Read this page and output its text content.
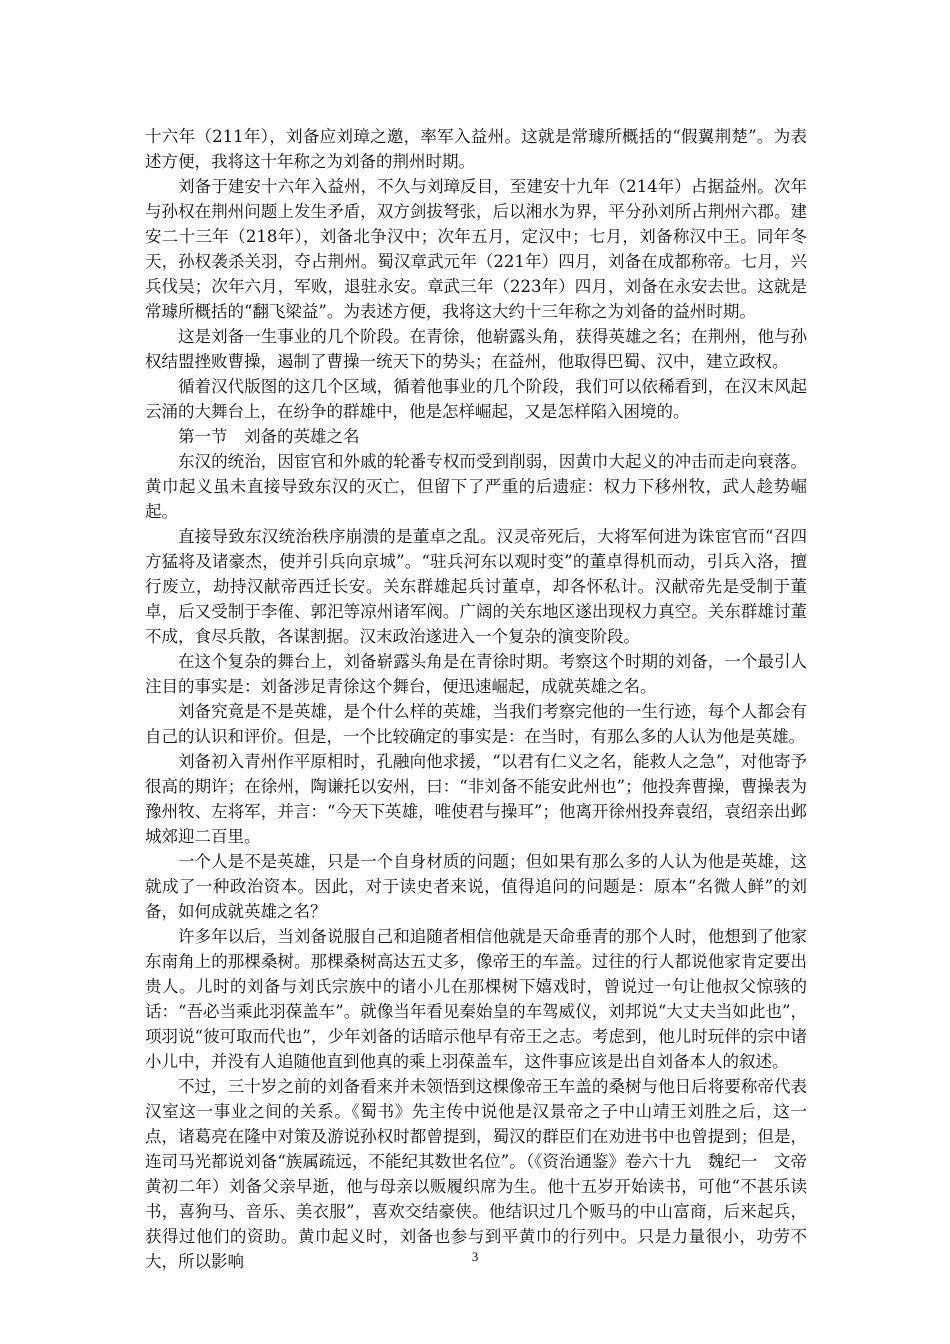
十六年（211年），刘备应刘璋之邀，率军入益州。这就是常璩所概括的“假翼荆楚”。为表述方便，我将这十年称之为刘备的荆州时期。

刘备于建安十六年入益州，不久与刘璋反目，至建安十九年（214年）占据益州。次年与孙权在荆州问题上发生矛盾，双方剑拔弩张，后以湘水为界，平分孙刘所占荆州六郡。建安二十三年（218年），刘备北争汉中；次年五月，定汉中；七月，刘备称汉中王。同年冬天，孙权袭杀关羽，夺占荆州。蜀汉章武元年（221年）四月，刘备在成都称帝。七月，兴兵伐吴；次年六月，军败，退驻永安。章武三年（223年）四月，刘备在永安去世。这就是常璩所概括的“翻飞梁益”。为表述方便，我将这大约十三年称之为刘备的益州时期。

这是刘备一生事业的几个阶段。在青徐，他崭露头角，获得英雄之名；在荆州，他与孙权结盟挫败曹操，遏制了曹操一统天下的势头；在益州，他取得巴蜀、汉中，建立政权。

循着汉代版图的这几个区域，循着他事业的几个阶段，我们可以依稀看到，在汉末风起云涌的大舞台上，在纷争的群雄中，他是怎样崛起，又是怎样陷入困境的。

第一节　刘备的英雄之名

东汉的统治，因宦官和外戚的轮番专权而受到削弱，因黄巾大起义的冲击而走向衰落。黄巾起义虽未直接导致东汉的灭亡，但留下了严重的后遗症：权力下移州牧，武人趁势崛起。

直接导致东汉统治秩序崩溃的是董卓之乱。汉灵帝死后，大将军何进为诛宦官而“召四方猛将及诸豪杰，使并引兵向京城”。“驻兵河东以观时变”的董卓得机而动，引兵入洛，擅行废立，劫持汉献帝西迁长安。关东群雄起兵讨董卓，却各怀私计。汉献帝先是受制于董卓，后又受制于李傕、郭汜等凉州诸军阀。广阔的关东地区遂出现权力真空。关东群雄讨董不成，食尽兵散，各谋割据。汉末政治遂进入一个复杂的演变阶段。

在这个复杂的舞台上，刘备崭露头角是在青徐时期。考察这个时期的刘备，一个最引人注目的事实是：刘备涉足青徐这个舞台，便迅速崛起，成就英雄之名。

刘备究竟是不是英雄，是个什么样的英雄，当我们考察完他的一生行迹，每个人都会有自己的认识和评价。但是，一个比较确定的事实是：在当时，有那么多的人认为他是英雄。

刘备初入青州作平原相时，孔融向他求援，“以君有仁义之名，能救人之急”，对他寄予很高的期许；在徐州，陶谦托以安州，曰：“非刘备不能安此州也”；他投奔曹操，曹操表为豫州牧、左将军，并言：“今天下英雄，唯使君与操耳”；他离开徐州投奔袁绍，袁绍亲出邺城郊迎二百里。

一个人是不是英雄，只是一个自身材质的问题；但如果有那么多的人认为他是英雄，这就成了一种政治资本。因此，对于读史者来说，值得追问的问题是：原本“名微人鲜”的刘备，如何成就英雄之名？

许多年以后，当刘备说服自己和追随者相信他就是天命垂青的那个人时，他想到了他家东南角上的那棵桑树。那棵桑树高达五丈多，像帝王的车盖。过往的行人都说他家肯定要出贵人。儿时的刘备与刘氏宗族中的诸小儿在那棵树下嬉戏时，曾说过一句让他叔父惊骇的话：“吾必当乘此羽葆盖车”。就像当年看见秦始皇的车驾威仪，刘邦说“大丈夫当如此也”，项羽说“彼可取而代也”，少年刘备的话暗示他早有帝王之志。考虑到，他儿时玩伴的宗中诸小儿中，并没有人追随他直到他真的乘上羽葆盖车，这件事应该是出自刘备本人的叙述。

不过，三十岁之前的刘备看来并未领悟到这棵像帝王车盖的桑树与他日后将要称帝代表汉室这一事业之间的关系。《蜀书》先主传中说他是汉景帝之子中山靖王刘胜之后，这一点，诸葛亮在隆中对策及游说孙权时都曾提到，蜀汉的群臣们在劝进书中也曾提到；但是，连司马光都说刘备“族属疏远，不能纪其数世名位”。（《资治通鉴》卷六十九　魏纪一　文帝黄初二年）刘备父亲早逝，他与母亲以贩履织席为生。他十五岁开始读书，可他“不甚乐读书，喜狗马、音乐、美衣服”，喜欢交结豪侠。他结识过几个贩马的中山富商，后来起兵，获得过他们的资助。黄巾起义时，刘备也参与到平黄巾的行列中。只是力量很小，功劳不大，所以影响	3
